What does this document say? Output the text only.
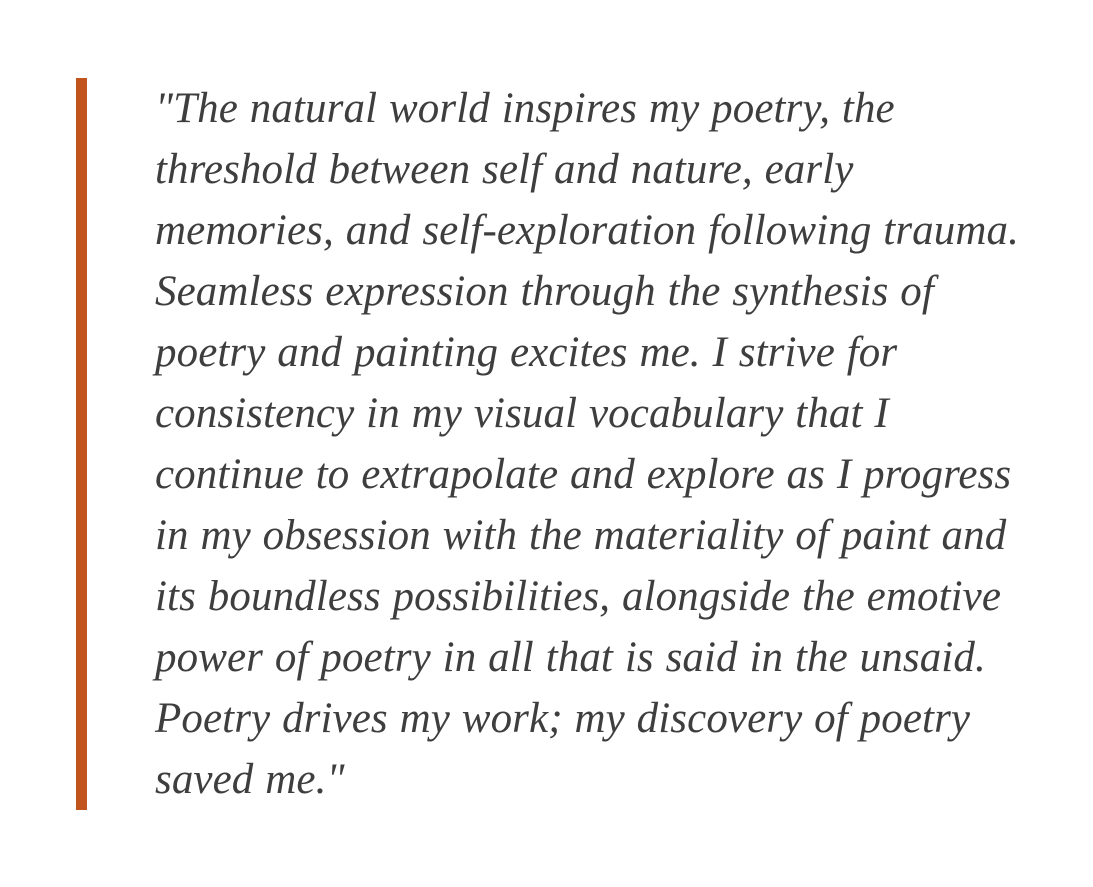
"The natural world inspires my poetry, the threshold between self and nature, early memories, and self-exploration following trauma. Seamless expression through the synthesis of poetry and painting excites me. I strive for consistency in my visual vocabulary that I continue to extrapolate and explore as I progress in my obsession with the materiality of paint and its boundless possibilities, alongside the emotive power of poetry in all that is said in the unsaid. Poetry drives my work; my discovery of poetry saved me."
